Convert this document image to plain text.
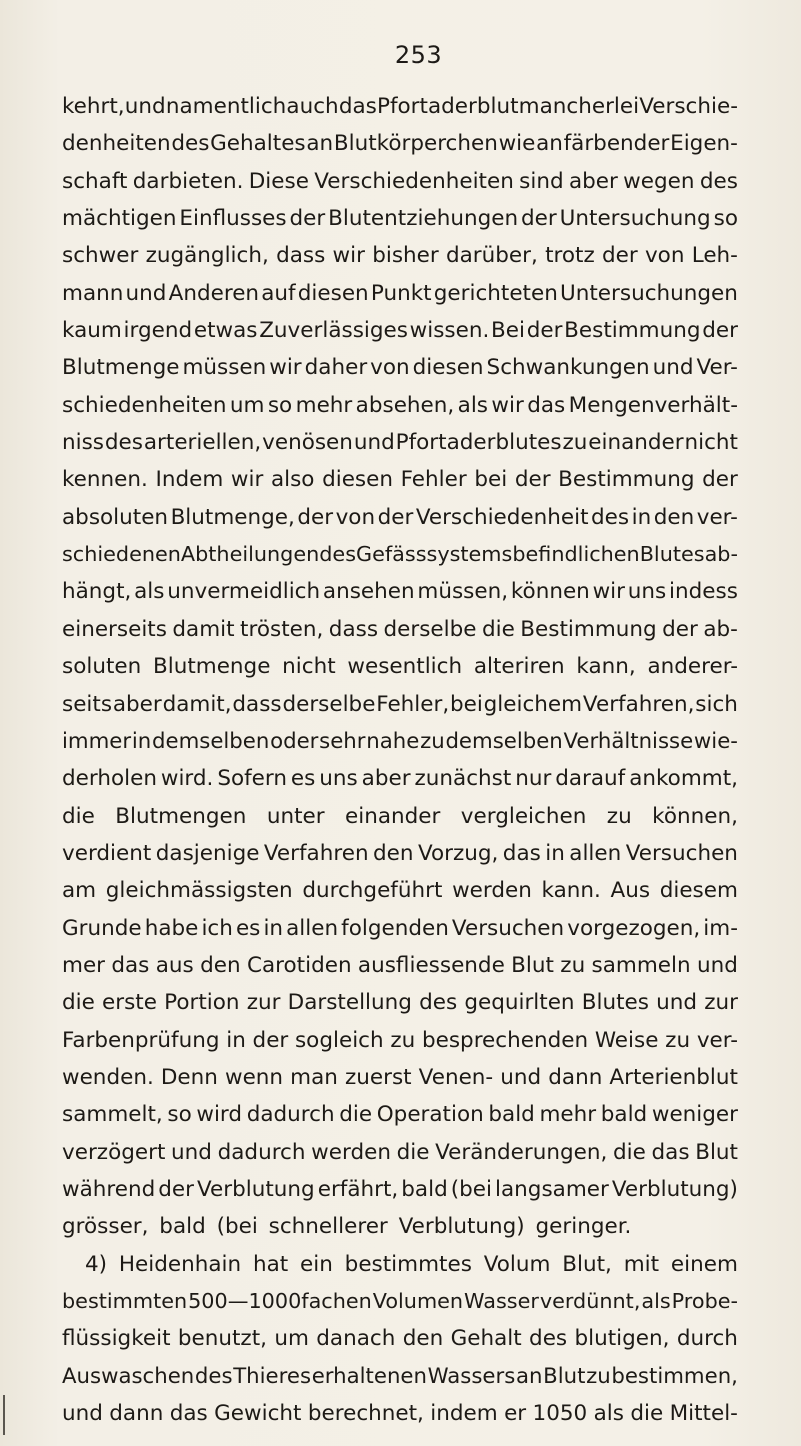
253
kehrt, und namentlich auch das Pfortaderblut mancherlei Verschie-
denheiten des Gehaltes an Blutkörperchen wie an färbender Eigen-
schaft darbieten. Diese Verschiedenheiten sind aber wegen des
mächtigen Einflusses der Blutentziehungen der Untersuchung so
schwer zugänglich, dass wir bisher darüber, trotz der von Leh-
mann und Anderen auf diesen Punkt gerichteten Untersuchungen
kaum irgend etwas Zuverlässiges wissen. Bei der Bestimmung der
Blutmenge müssen wir daher von diesen Schwankungen und Ver-
schiedenheiten um so mehr absehen, als wir das Mengenverhält-
niss des arteriellen, venösen und Pfortaderblutes zu einander nicht
kennen. Indem wir also diesen Fehler bei der Bestimmung der
absoluten Blutmenge, der von der Verschiedenheit des in den ver-
schiedenen Abtheilungen des Gefässsystems befindlichen Blutes ab-
hängt, als unvermeidlich ansehen müssen, können wir uns indess
einerseits damit trösten, dass derselbe die Bestimmung der ab-
soluten Blutmenge nicht wesentlich alteriren kann, anderer-
seits aber damit, dass derselbe Fehler, bei gleichem Verfahren, sich
immer in demselben oder sehr nahe zu demselben Verhältnisse wie-
derholen wird. Sofern es uns aber zunächst nur darauf ankommt,
die Blutmengen unter einander vergleichen zu können,
verdient dasjenige Verfahren den Vorzug, das in allen Versuchen
am gleichmässigsten durchgeführt werden kann. Aus diesem
Grunde habe ich es in allen folgenden Versuchen vorgezogen, im-
mer das aus den Carotiden ausfliessende Blut zu sammeln und
die erste Portion zur Darstellung des gequirlten Blutes und zur
Farbenprüfung in der sogleich zu besprechenden Weise zu ver-
wenden. Denn wenn man zuerst Venen- und dann Arterienblut
sammelt, so wird dadurch die Operation bald mehr bald weniger
verzögert und dadurch werden die Veränderungen, die das Blut
während der Verblutung erfährt, bald (bei langsamer Verblutung)
grösser, bald (bei schnellerer Verblutung) geringer.
4) Heidenhain hat ein bestimmtes Volum Blut, mit einem
bestimmten 500—1000fachen Volumen Wasser verdünnt, als Probe-
flüssigkeit benutzt, um danach den Gehalt des blutigen, durch
Auswaschen des Thieres erhaltenen Wassers an Blut zu bestimmen,
und dann das Gewicht berechnet, indem er 1050 als die Mittel-
